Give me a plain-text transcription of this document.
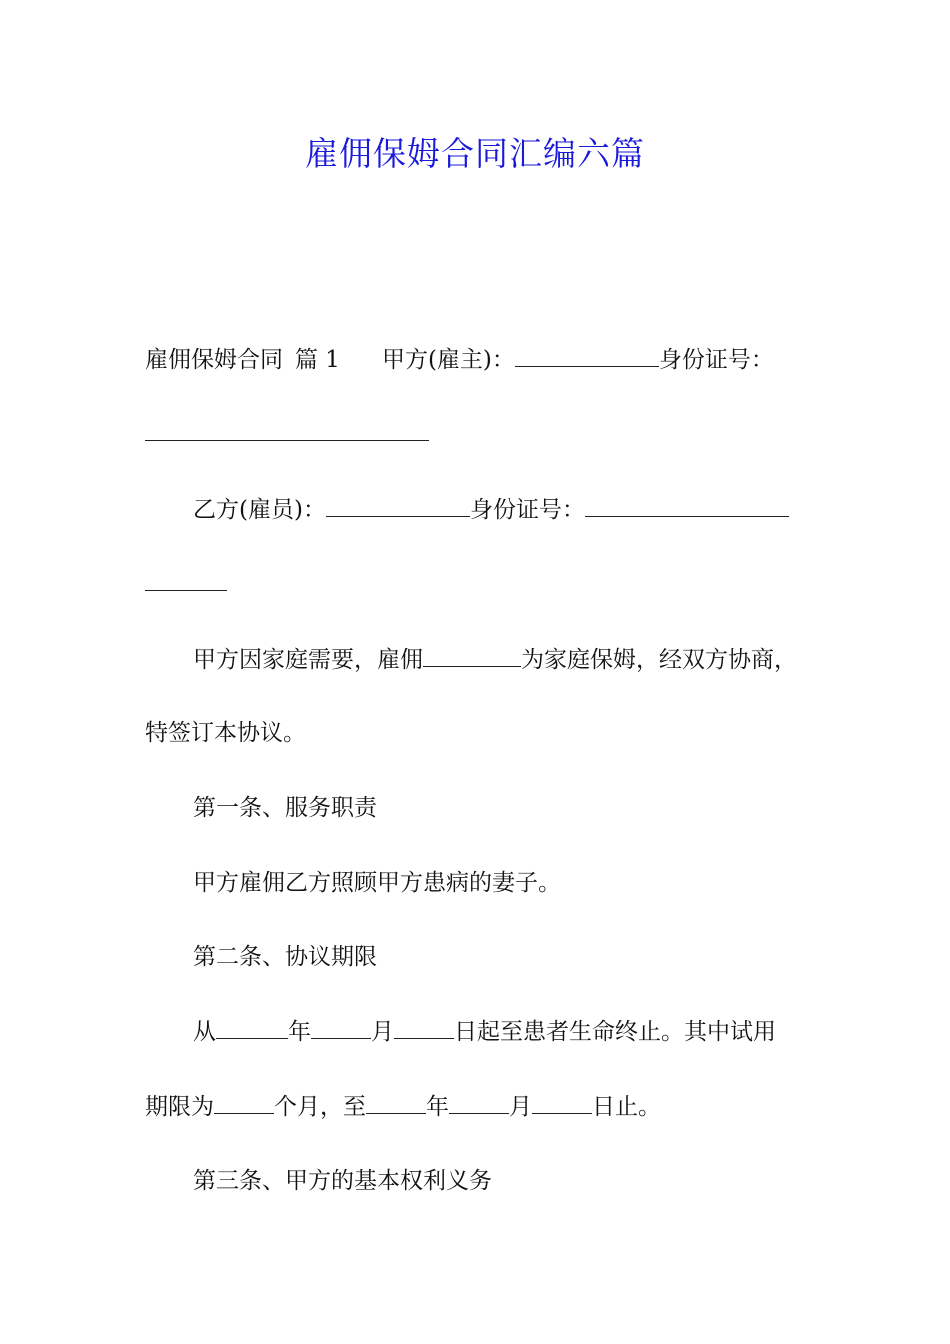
雇佣保姆合同汇编六篇
雇佣保姆合同 篇 1 甲方(雇主)：	身份证号：
乙方(雇员)：	身份证号：
甲方因家庭需要，雇佣	为家庭保姆，经双方协商，
特签订本协议。
第一条、服务职责
甲方雇佣乙方照顾甲方患病的妻子。
第二条、协议期限
从	年	月	日起至患者生命终止。其中试用
期限为	个月，至	年	月	日止。
第三条、甲方的基本权利义务
